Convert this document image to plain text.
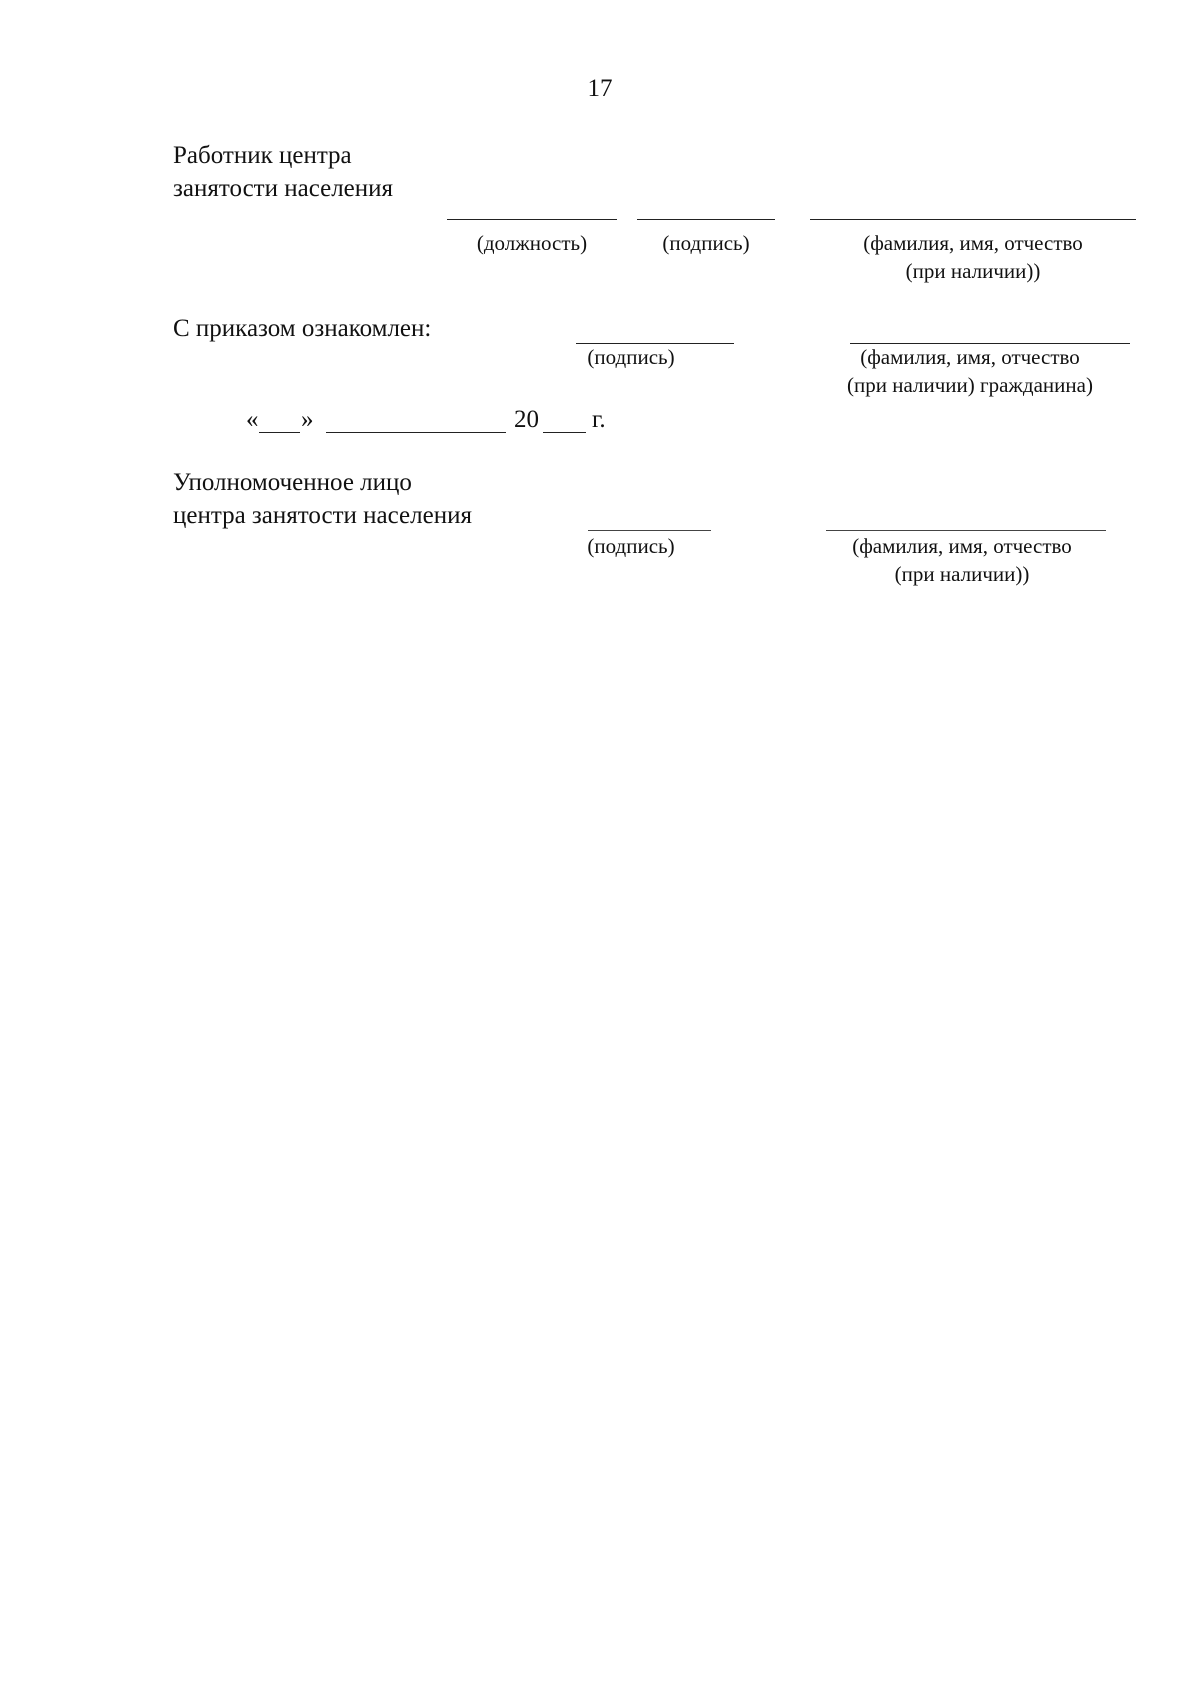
17
Работник центра
занятости населения
(должность)	(подпись)	(фамилия, имя, отчество
(при наличии))
С приказом ознакомлен:
(подпись)	(фамилия, имя, отчество
(при наличии) гражданина)
« »	20 г.
Уполномоченное лицо
центра занятости населения
(подпись)	(фамилия, имя, отчество
(при наличии))
